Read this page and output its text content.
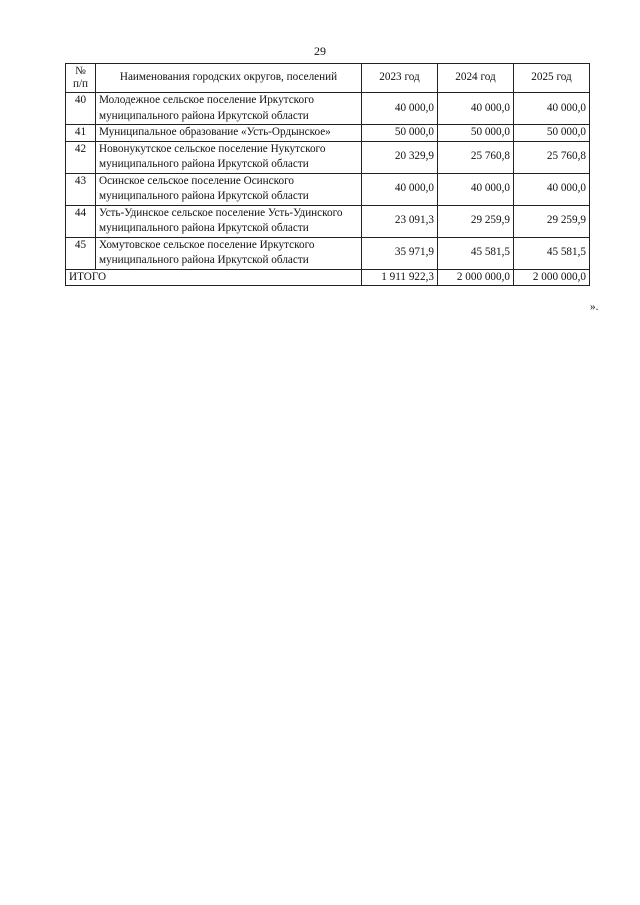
29
№
п/п	Наименования городских округов, поселений	2023 год	2024 год	2025 год
40	Молодежное сельское поселение Иркутского муниципального района Иркутской области	40 000,0	40 000,0	40 000,0
41	Муниципальное образование «Усть-Ордынское»	50 000,0	50 000,0	50 000,0
42	Новонукутское сельское поселение Нукутского муниципального района Иркутской области	20 329,9	25 760,8	25 760,8
43	Осинское сельское поселение Осинского муниципального района Иркутской области	40 000,0	40 000,0	40 000,0
44	Усть-Удинское сельское поселение Усть-Удинского муниципального района Иркутской области	23 091,3	29 259,9	29 259,9
45	Хомутовское сельское поселение Иркутского муниципального района Иркутской области	35 971,9	45 581,5	45 581,5
ИТОГО		1 911 922,3	2 000 000,0	2 000 000,0
».
